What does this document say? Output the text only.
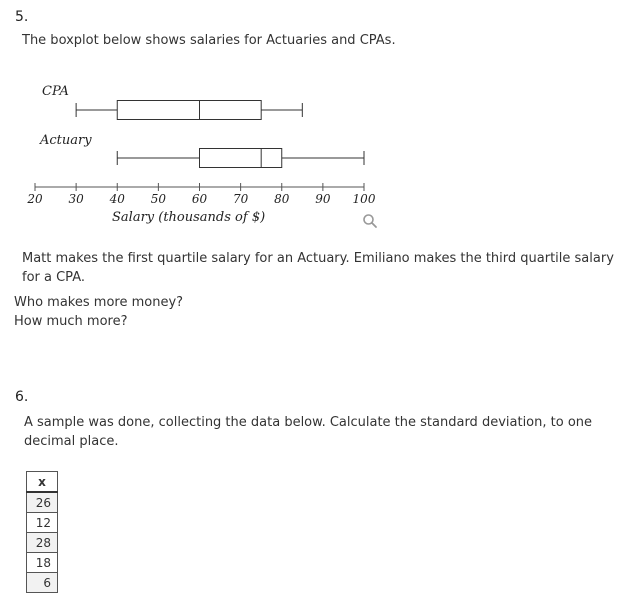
5.
The boxplot below shows salaries for Actuaries and CPAs.
CPA
Actuary
20 30 40 50 60 70 80 90 100
Salary (thousands of $)
Matt makes the first quartile salary for an Actuary. Emiliano makes the third quartile salary for a CPA.
Who makes more money?
How much more?
6.
A sample was done, collecting the data below. Calculate the standard deviation, to one decimal place.
x
26
12
28
18
6
